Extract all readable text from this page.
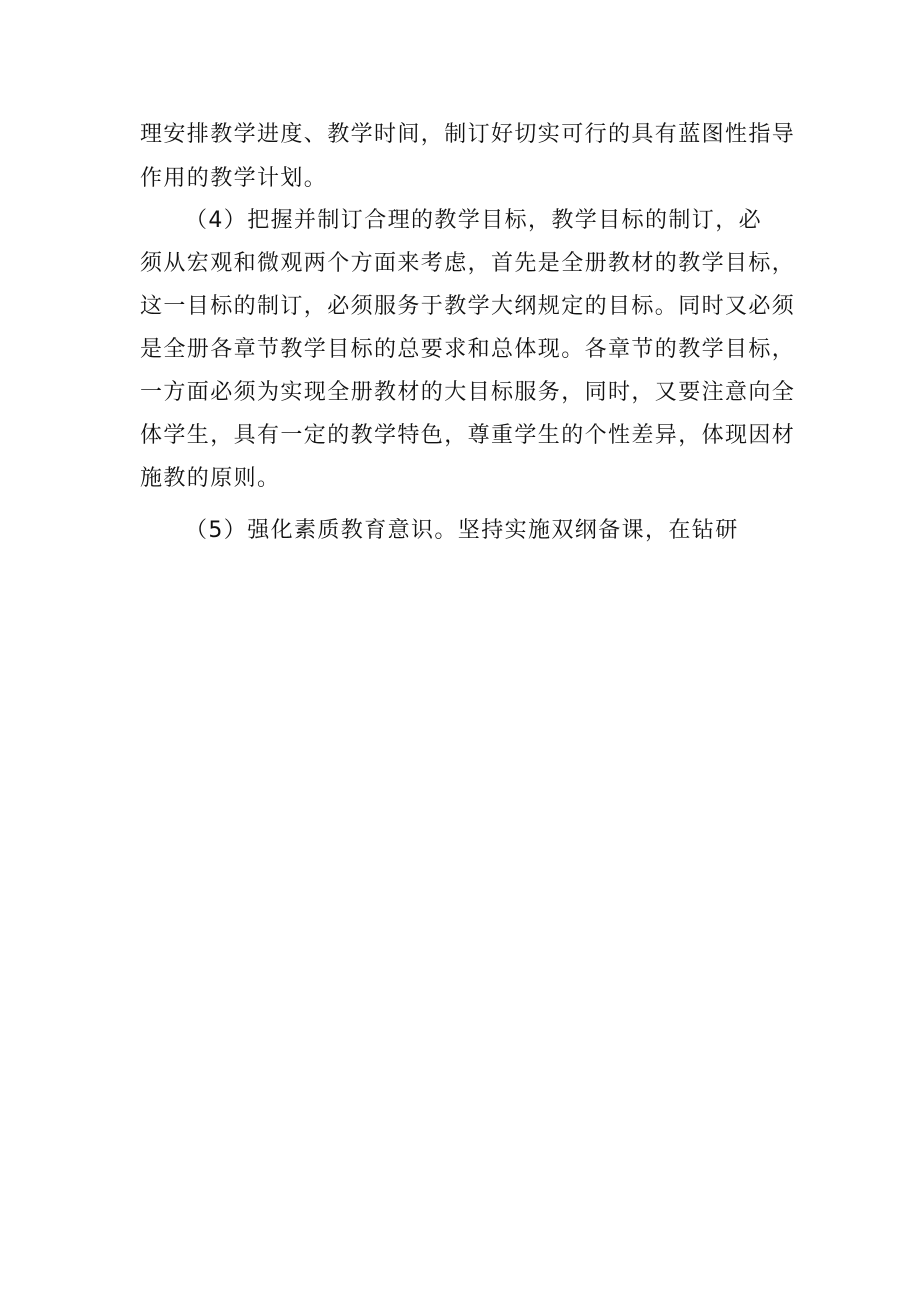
理安排教学进度、教学时间，制订好切实可行的具有蓝图性指导
作用的教学计划。
（4）把握并制订合理的教学目标，教学目标的制订，必
须从宏观和微观两个方面来考虑，首先是全册教材的教学目标，
这一目标的制订，必须服务于教学大纲规定的目标。同时又必须
是全册各章节教学目标的总要求和总体现。各章节的教学目标，
一方面必须为实现全册教材的大目标服务，同时，又要注意向全
体学生，具有一定的教学特色，尊重学生的个性差异，体现因材
施教的原则。
（5）强化素质教育意识。坚持实施双纲备课，在钻研
